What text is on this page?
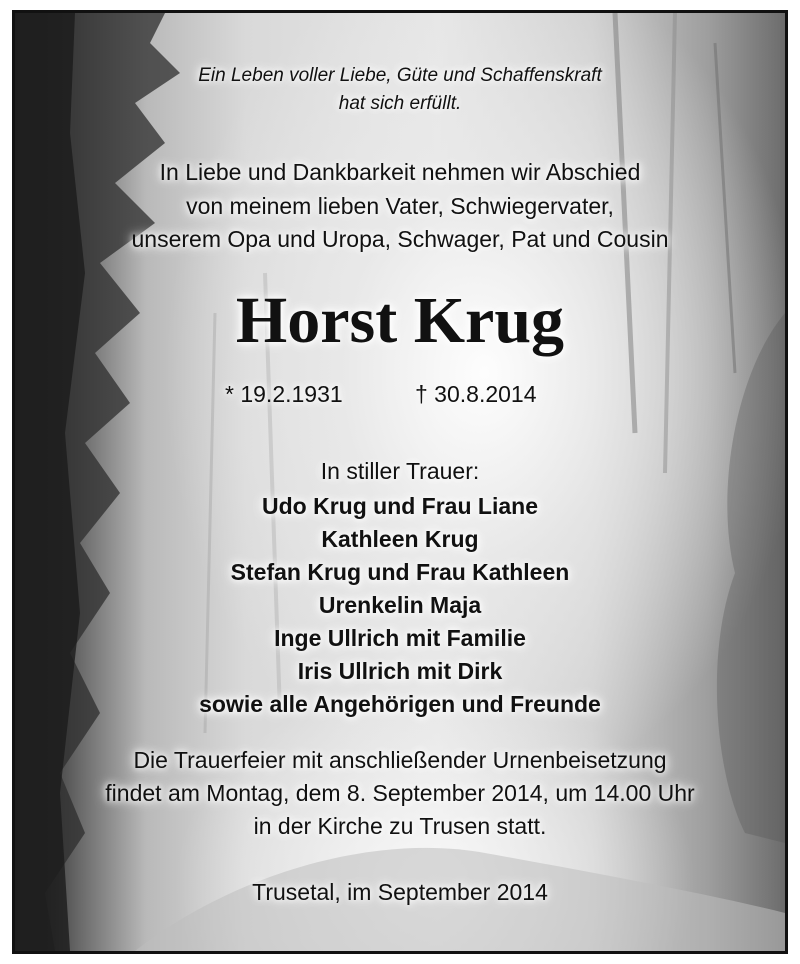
Ein Leben voller Liebe, Güte und Schaffenskraft
hat sich erfüllt.
In Liebe und Dankbarkeit nehmen wir Abschied
von meinem lieben Vater, Schwiegervater,
unserem Opa und Uropa, Schwager, Pat und Cousin
Horst Krug
* 19.2.1931	† 30.8.2014
In stiller Trauer:
Udo Krug und Frau Liane
Kathleen Krug
Stefan Krug und Frau Kathleen
Urenkelin Maja
Inge Ullrich mit Familie
Iris Ullrich mit Dirk
sowie alle Angehörigen und Freunde
Die Trauerfeier mit anschließender Urnenbeisetzung
findet am Montag, dem 8. September 2014, um 14.00 Uhr
in der Kirche zu Trusen statt.
Trusetal, im September 2014
